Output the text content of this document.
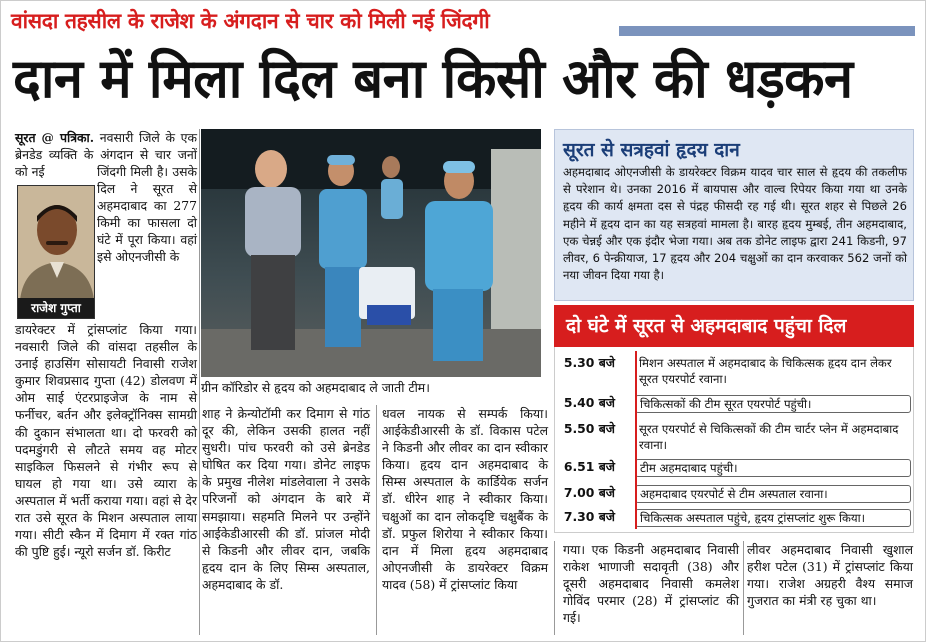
वांसदा तहसील के राजेश के अंगदान से चार को मिली नई जिंदगी
दान में मिला दिल बना किसी और की धड़कन
सूरत @ पत्रिका. नवसारी जिले के एक ब्रेनडेड व्यक्ति के अंगदान से चार जनों को नई	जिंदगी मिली है। उसके दिल ने सूरत से अहमदाबाद का 277 किमी का फासला दो घंटे में पूरा किया। वहां इसे ओएनजीसी के
राजेश गुप्ता
डायरेक्टर में ट्रांसप्लांट किया गया। नवसारी जिले की वांसदा तहसील के उनाई हाउसिंग सोसायटी निवासी राजेश कुमार शिवप्रसाद गुप्ता (42) डोलवण में ओम साई एंटरप्राइजेज के नाम से फर्नीचर, बर्तन और इलेक्ट्रॉनिक्स सामग्री की दुकान संभालता था। दो फरवरी को पदमडुंगरी से लौटते समय वह मोटर साइकिल फिसलने से गंभीर रूप से घायल हो गया था। उसे व्यारा के अस्पताल में भर्ती कराया गया। वहां से देर रात उसे सूरत के मिशन अस्पताल लाया गया। सीटी स्कैन में दिमाग में रक्त गांठ की पुष्टि हुई। न्यूरो सर्जन डॉ. किरीट
ग्रीन कॉरिडोर से हृदय को अहमदाबाद ले जाती टीम।
शाह ने क्रेन्योटॉमी कर दिमाग से गांठ दूर की, लेकिन उसकी हालत नहीं सुधरी। पांच फरवरी को उसे ब्रेनडेड घोषित कर दिया गया। डोनेट लाइफ के प्रमुख नीलेश मांडलेवाला ने उसके परिजनों को अंगदान के बारे में समझाया। सहमति मिलने पर उन्होंने आईकेडीआरसी की डॉ. प्रांजल मोदी से किडनी और लीवर दान, जबकि हृदय दान के लिए सिम्स अस्पताल, अहमदाबाद के डॉ.
धवल नायक से सम्पर्क किया। आईकेडीआरसी के डॉ. विकास पटेल ने किडनी और लीवर का दान स्वीकार किया। हृदय दान अहमदाबाद के सिम्स अस्पताल के कार्डियेक सर्जन डॉ. धीरेन शाह ने स्वीकार किया। चक्षुओं का दान लोकदृष्टि चक्षुबैंक के डॉ. प्रफुल शिरोया ने स्वीकार किया। दान में मिला हृदय अहमदाबाद ओएनजीसी के डायरेक्टर विक्रम यादव (58) में ट्रांसप्लांट किया
सूरत से सत्रहवां हृदय दान
अहमदाबाद ओएनजीसी के डायरेक्टर विक्रम यादव चार साल से हृदय की तकलीफ से परेशान थे। उनका 2016 में बायपास और वाल्व रिपेयर किया गया था उनके हृदय की कार्य क्षमता दस से पंद्रह फीसदी रह गई थी। सूरत शहर से पिछले 26 महीने में हृदय दान का यह सत्रहवां मामला है। बारह हृदय मुम्बई, तीन अहमदाबाद, एक चेन्नई और एक इंदौर भेजा गया। अब तक डोनेट लाइफ द्वारा 241 किडनी, 97 लीवर, 6 पेन्क्रीयाज, 17 हृदय और 204 चक्षुओं का दान करवाकर 562 जनों को नया जीवन दिया गया है।
दो घंटे में सूरत से अहमदाबाद पहुंचा दिल
5.30 बजे	मिशन अस्पताल में अहमदाबाद के चिकित्सक हृदय दान लेकर सूरत एयरपोर्ट रवाना।
5.40 बजे	चिकित्सकों की टीम सूरत एयरपोर्ट पहुंची।
5.50 बजे	सूरत एयरपोर्ट से चिकित्सकों की टीम चार्टर प्लेन में अहमदाबाद रवाना।
6.51 बजे	टीम अहमदाबाद पहुंची।
7.00 बजे	अहमदाबाद एयरपोर्ट से टीम अस्पताल रवाना।
7.30 बजे	चिकित्सक अस्पताल पहुंचे, हृदय ट्रांसप्लांट शुरू किया।
गया। एक किडनी अहमदाबाद निवासी राकेश भाणाजी सदावृती (38) और दूसरी अहमदाबाद निवासी कमलेश गोविंद परमार (28) में ट्रांसप्लांट की गई।
लीवर अहमदाबाद निवासी खुशाल हरीश पटेल (31) में ट्रांसप्लांट किया गया। राजेश अग्रहरी वैश्य समाज गुजरात का मंत्री रह चुका था।
